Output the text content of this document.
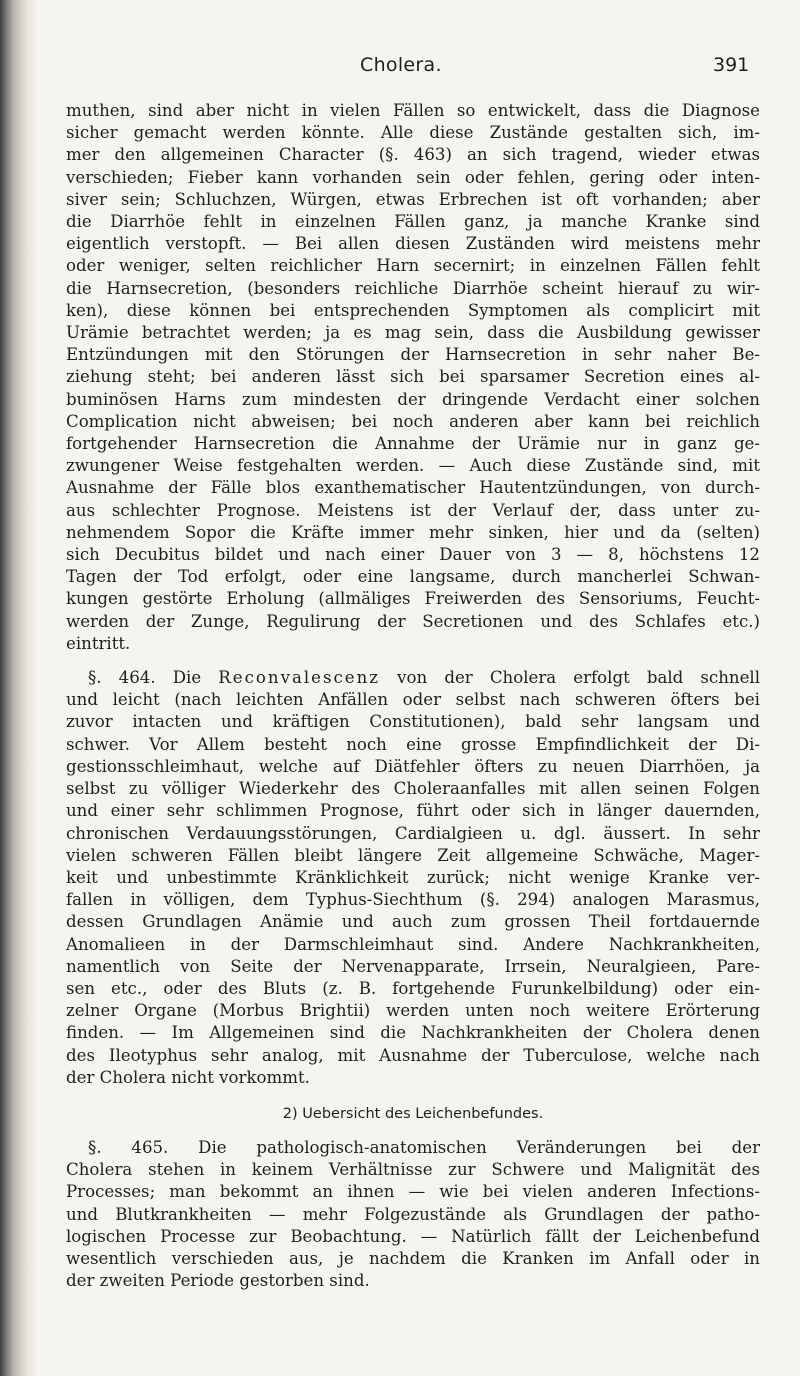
Cholera.	391

muthen, sind aber nicht in vielen Fällen so entwickelt, dass die Diagnose
sicher gemacht werden könnte. Alle diese Zustände gestalten sich, im-
mer den allgemeinen Character (§. 463) an sich tragend, wieder etwas
verschieden; Fieber kann vorhanden sein oder fehlen, gering oder inten-
siver sein; Schluchzen, Würgen, etwas Erbrechen ist oft vorhanden; aber
die Diarrhöe fehlt in einzelnen Fällen ganz, ja manche Kranke sind
eigentlich verstopft. — Bei allen diesen Zuständen wird meistens mehr
oder weniger, selten reichlicher Harn secernirt; in einzelnen Fällen fehlt
die Harnsecretion, (besonders reichliche Diarrhöe scheint hierauf zu wir-
ken), diese können bei entsprechenden Symptomen als complicirt mit
Urämie betrachtet werden; ja es mag sein, dass die Ausbildung gewisser
Entzündungen mit den Störungen der Harnsecretion in sehr naher Be-
ziehung steht; bei anderen lässt sich bei sparsamer Secretion eines al-
buminösen Harns zum mindesten der dringende Verdacht einer solchen
Complication nicht abweisen; bei noch anderen aber kann bei reichlich
fortgehender Harnsecretion die Annahme der Urämie nur in ganz ge-
zwungener Weise festgehalten werden. — Auch diese Zustände sind, mit
Ausnahme der Fälle blos exanthematischer Hautentzündungen, von durch-
aus schlechter Prognose. Meistens ist der Verlauf der, dass unter zu-
nehmendem Sopor die Kräfte immer mehr sinken, hier und da (selten)
sich Decubitus bildet und nach einer Dauer von 3 — 8, höchstens 12
Tagen der Tod erfolgt, oder eine langsame, durch mancherlei Schwan-
kungen gestörte Erholung (allmäliges Freiwerden des Sensoriums, Feucht-
werden der Zunge, Regulirung der Secretionen und des Schlafes etc.)
eintritt.

§. 464. Die Reconvalescenz von der Cholera erfolgt bald schnell
und leicht (nach leichten Anfällen oder selbst nach schweren öfters bei
zuvor intacten und kräftigen Constitutionen), bald sehr langsam und
schwer. Vor Allem besteht noch eine grosse Empfindlichkeit der Di-
gestionsschleimhaut, welche auf Diätfehler öfters zu neuen Diarrhöen, ja
selbst zu völliger Wiederkehr des Choleraanfalles mit allen seinen Folgen
und einer sehr schlimmen Prognose, führt oder sich in länger dauernden,
chronischen Verdauungsstörungen, Cardialgieen u. dgl. äussert. In sehr
vielen schweren Fällen bleibt längere Zeit allgemeine Schwäche, Mager-
keit und unbestimmte Kränklichkeit zurück; nicht wenige Kranke ver-
fallen in völligen, dem Typhus-Siechthum (§. 294) analogen Marasmus,
dessen Grundlagen Anämie und auch zum grossen Theil fortdauernde
Anomalieen in der Darmschleimhaut sind. Andere Nachkrankheiten,
namentlich von Seite der Nervenapparate, Irrsein, Neuralgieen, Pare-
sen etc., oder des Bluts (z. B. fortgehende Furunkelbildung) oder ein-
zelner Organe (Morbus Brightii) werden unten noch weitere Erörterung
finden. — Im Allgemeinen sind die Nachkrankheiten der Cholera denen
des Ileotyphus sehr analog, mit Ausnahme der Tuberculose, welche nach
der Cholera nicht vorkommt.

2) Uebersicht des Leichenbefundes.

§. 465. Die pathologisch-anatomischen Veränderungen bei der
Cholera stehen in keinem Verhältnisse zur Schwere und Malignität des
Processes; man bekommt an ihnen — wie bei vielen anderen Infections-
und Blutkrankheiten — mehr Folgezustände als Grundlagen der patho-
logischen Processe zur Beobachtung. — Natürlich fällt der Leichenbefund
wesentlich verschieden aus, je nachdem die Kranken im Anfall oder in
der zweiten Periode gestorben sind.
